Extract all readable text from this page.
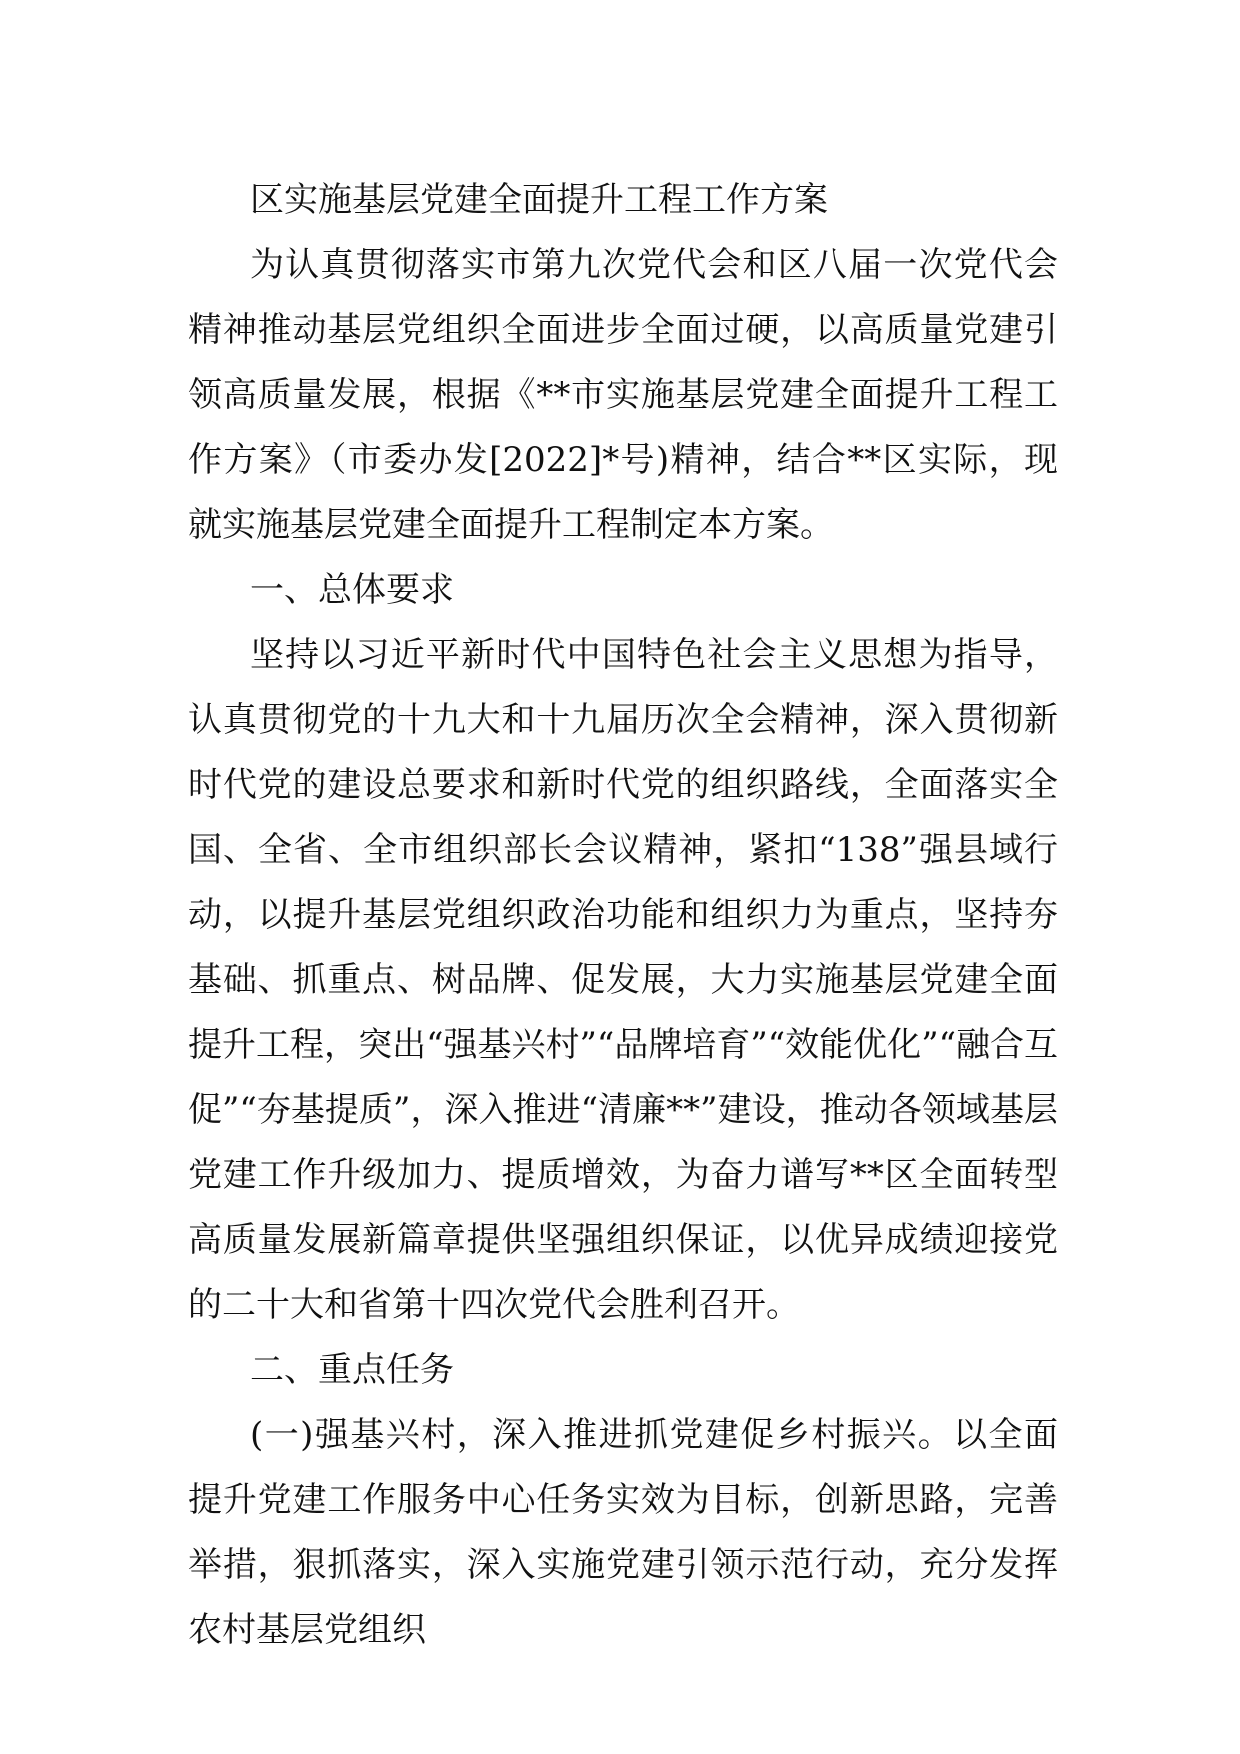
区实施基层党建全面提升工程工作方案

为认真贯彻落实市第九次党代会和区八届一次党代会精神推动基层党组织全面进步全面过硬，以高质量党建引领高质量发展，根据《**市实施基层党建全面提升工程工作方案》（市委办发[2022]*号)精神，结合**区实际，现就实施基层党建全面提升工程制定本方案。

一、总体要求

坚持以习近平新时代中国特色社会主义思想为指导，认真贯彻党的十九大和十九届历次全会精神，深入贯彻新时代党的建设总要求和新时代党的组织路线，全面落实全国、全省、全市组织部长会议精神，紧扣“138”强县域行动，以提升基层党组织政治功能和组织力为重点，坚持夯基础、抓重点、树品牌、促发展，大力实施基层党建全面提升工程，突出“强基兴村”“品牌培育”“效能优化”“融合互促”“夯基提质”，深入推进“清廉**”建设，推动各领域基层党建工作升级加力、提质增效，为奋力谱写**区全面转型高质量发展新篇章提供坚强组织保证，以优异成绩迎接党的二十大和省第十四次党代会胜利召开。

二、重点任务

(一)强基兴村，深入推进抓党建促乡村振兴。以全面提升党建工作服务中心任务实效为目标，创新思路，完善举措，狠抓落实，深入实施党建引领示范行动，充分发挥农村基层党组织
